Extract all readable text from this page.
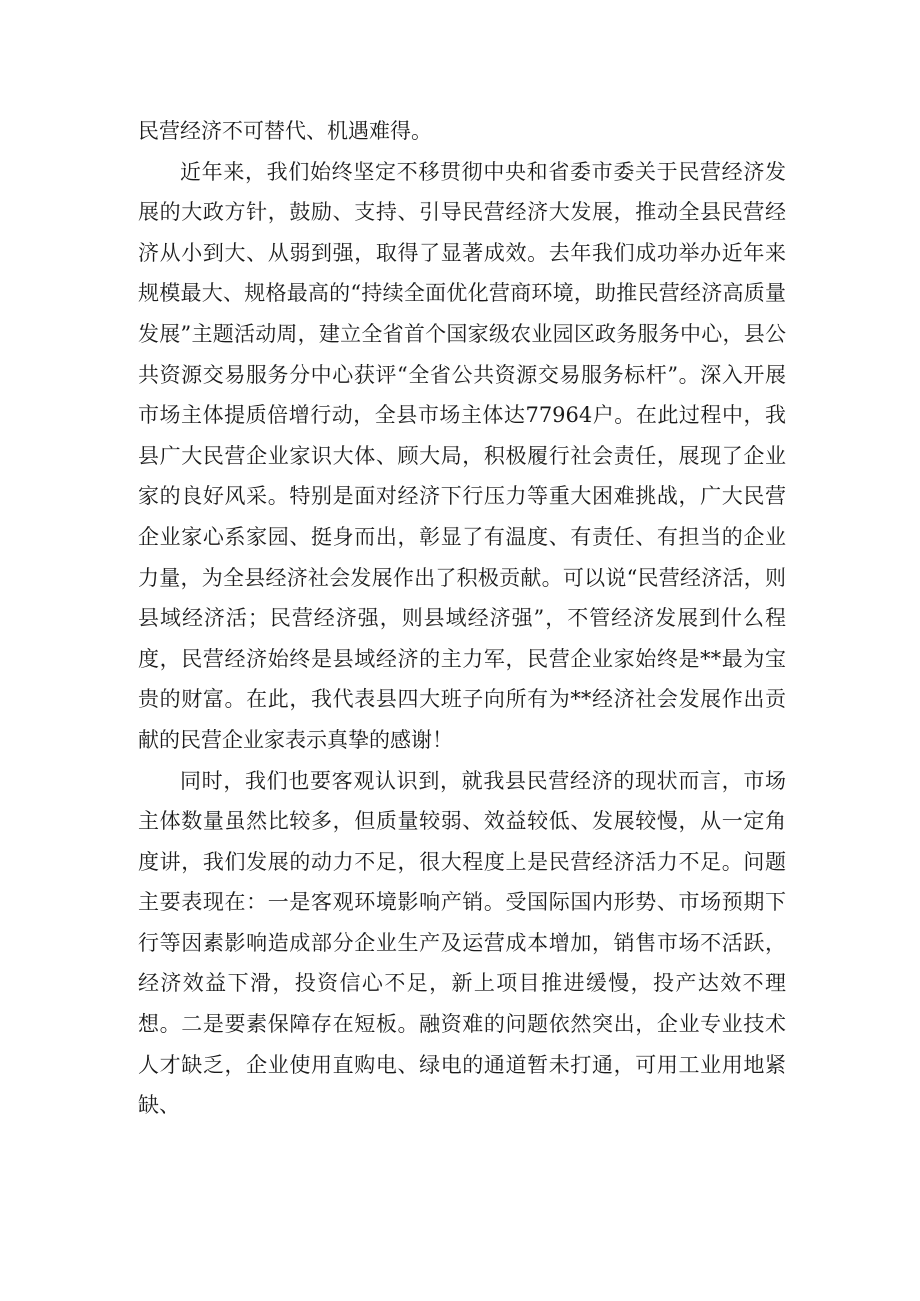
民营经济不可替代、机遇难得。

近年来，我们始终坚定不移贯彻中央和省委市委关于民营经济发展的大政方针，鼓励、支持、引导民营经济大发展，推动全县民营经济从小到大、从弱到强，取得了显著成效。去年我们成功举办近年来规模最大、规格最高的“持续全面优化营商环境，助推民营经济高质量发展”主题活动周，建立全省首个国家级农业园区政务服务中心，县公共资源交易服务分中心获评“全省公共资源交易服务标杆”。深入开展市场主体提质倍增行动，全县市场主体达77964户。在此过程中，我县广大民营企业家识大体、顾大局，积极履行社会责任，展现了企业家的良好风采。特别是面对经济下行压力等重大困难挑战，广大民营企业家心系家园、挺身而出，彰显了有温度、有责任、有担当的企业力量，为全县经济社会发展作出了积极贡献。可以说“民营经济活，则县域经济活；民营经济强，则县域经济强”，不管经济发展到什么程度，民营经济始终是县域经济的主力军，民营企业家始终是**最为宝贵的财富。在此，我代表县四大班子向所有为**经济社会发展作出贡献的民营企业家表示真挚的感谢！

同时，我们也要客观认识到，就我县民营经济的现状而言，市场主体数量虽然比较多，但质量较弱、效益较低、发展较慢，从一定角度讲，我们发展的动力不足，很大程度上是民营经济活力不足。问题主要表现在：一是客观环境影响产销。受国际国内形势、市场预期下行等因素影响造成部分企业生产及运营成本增加，销售市场不活跃，经济效益下滑，投资信心不足，新上项目推进缓慢，投产达效不理想。二是要素保障存在短板。融资难的问题依然突出，企业专业技术人才缺乏，企业使用直购电、绿电的通道暂未打通，可用工业用地紧缺、
